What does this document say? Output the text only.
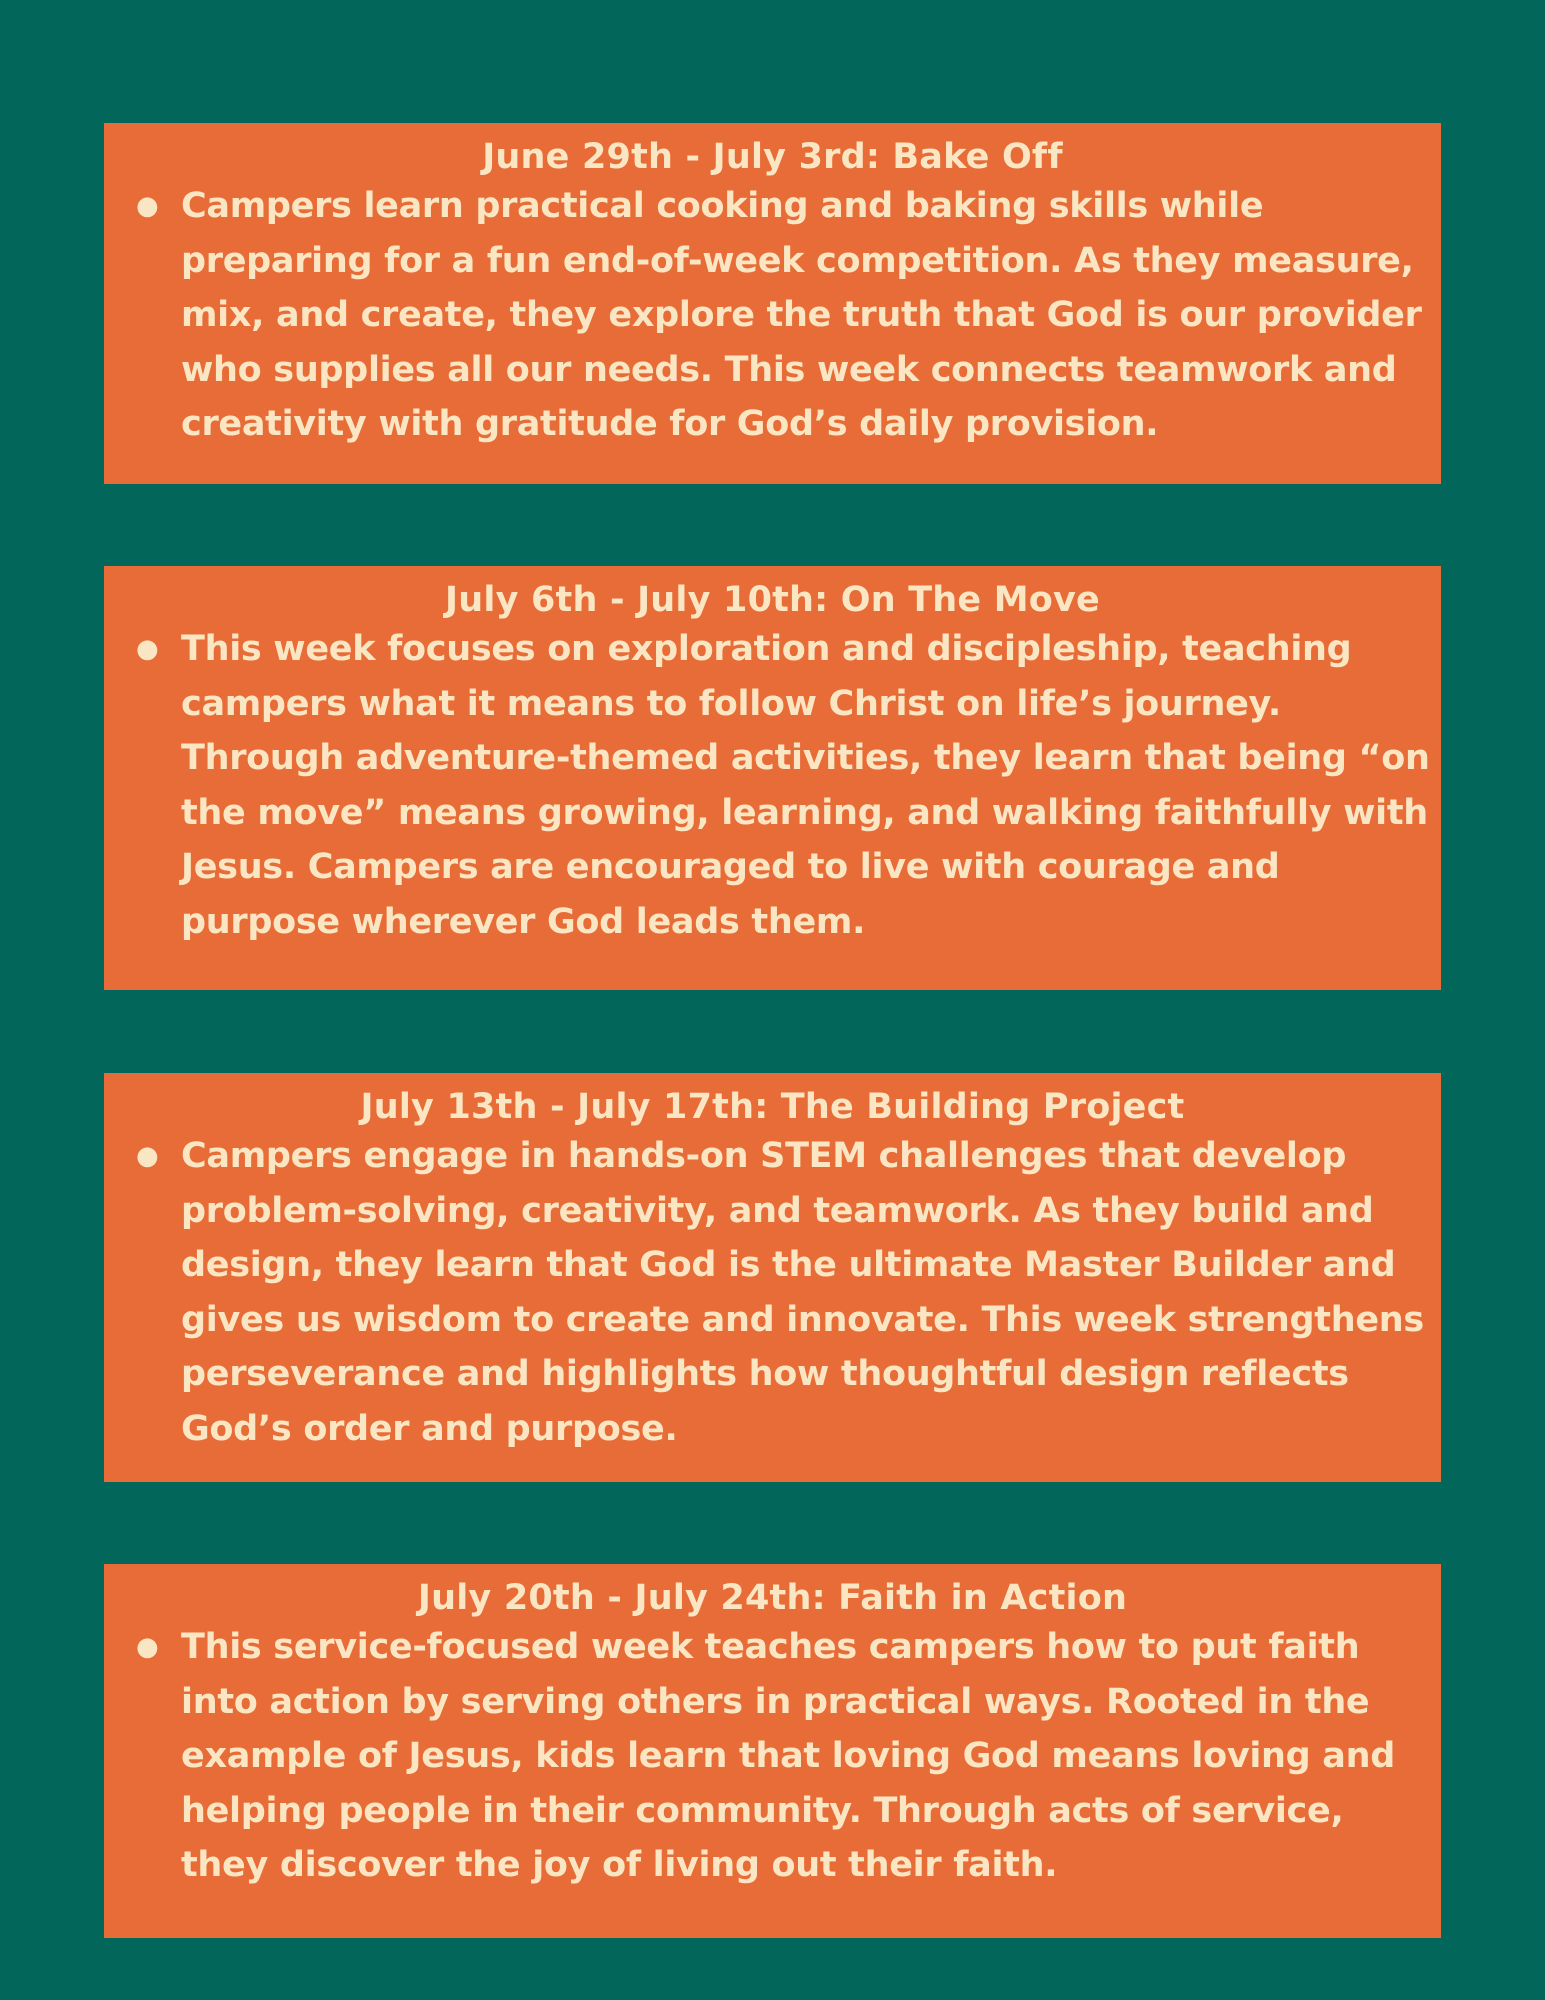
June 29th - July 3rd: Bake Off

● Campers learn practical cooking and baking skills while preparing for a fun end-of-week competition. As they measure, mix, and create, they explore the truth that God is our provider who supplies all our needs. This week connects teamwork and creativity with gratitude for God’s daily provision.

July 6th - July 10th: On The Move

● This week focuses on exploration and discipleship, teaching campers what it means to follow Christ on life’s journey. Through adventure-themed activities, they learn that being “on the move” means growing, learning, and walking faithfully with Jesus. Campers are encouraged to live with courage and purpose wherever God leads them.

July 13th - July 17th: The Building Project

● Campers engage in hands-on STEM challenges that develop problem-solving, creativity, and teamwork. As they build and design, they learn that God is the ultimate Master Builder and gives us wisdom to create and innovate. This week strengthens perseverance and highlights how thoughtful design reflects God’s order and purpose.

July 20th - July 24th: Faith in Action

● This service-focused week teaches campers how to put faith into action by serving others in practical ways. Rooted in the example of Jesus, kids learn that loving God means loving and helping people in their community. Through acts of service, they discover the joy of living out their faith.
